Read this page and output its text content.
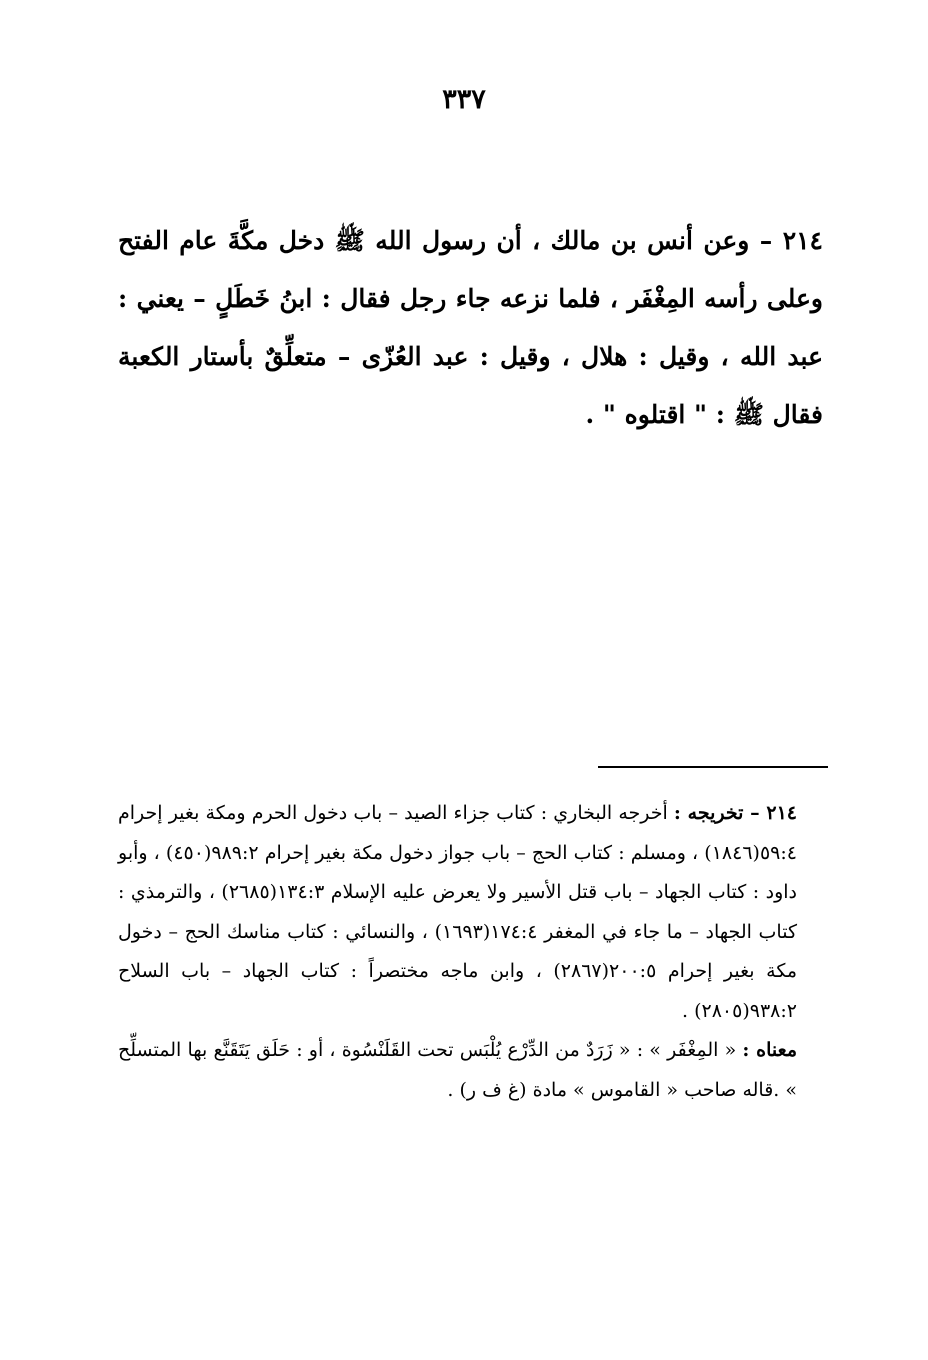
٣٣٧

٢١٤ – وعن أنس بن مالك ، أن رسول الله ﷺ دخل مكَّةَ عام الفتح وعلى رأسه المِغْفَر ، فلما نزعه جاء رجل فقال : ابنُ خَطَلٍ – يعني : عبد الله ، وقيل : هلال ، وقيل : عبد العُزّى – متعلِّقٌ بأستار الكعبة فقال ﷺ : " اقتلوه " .

٢١٤ – تخريجه : أخرجه البخاري : كتاب جزاء الصيد – باب دخول الحرم ومكة بغير إحرام ٥٩:٤(١٨٤٦) ، ومسلم : كتاب الحج – باب جواز دخول مكة بغير إحرام ٩٨٩:٢(٤٥٠) ، وأبو داود : كتاب الجهاد – باب قتل الأسير ولا يعرض عليه الإسلام ١٣٤:٣(٢٦٨٥) ، والترمذي : كتاب الجهاد – ما جاء في المغفر ١٧٤:٤(١٦٩٣) ، والنسائي : كتاب مناسك الحج – دخول مكة بغير إحرام ٢٠٠:٥(٢٨٦٧) ، وابن ماجه مختصراً : كتاب الجهاد – باب السلاح ٩٣٨:٢(٢٨٠٥) .

معناه : « المِغْفَر » : « زَرَدٌ من الدِّرْع يُلْبَس تحت القَلَنْسُوة ، أو : حَلَق يَتَقَنَّع بها المتسلِّح » .قاله صاحب « القاموس » مادة (غ ف ر) .
